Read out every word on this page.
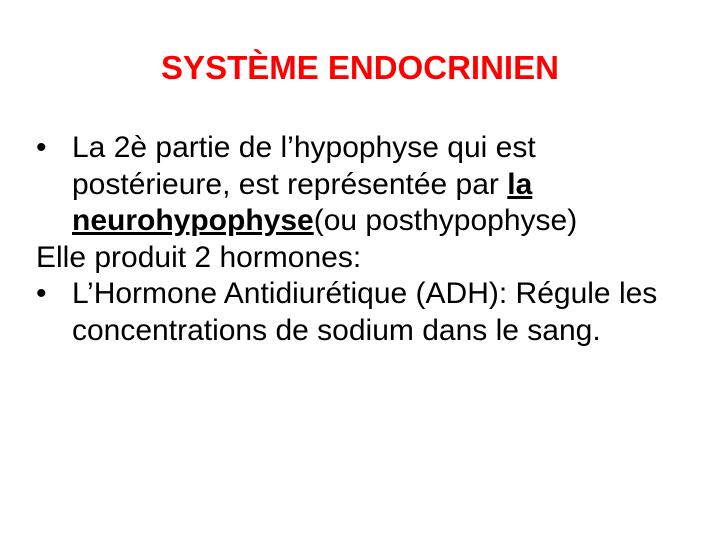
SYSTÈME ENDOCRINIEN
• La 2è partie de l’hypophyse qui est postérieure, est représentée par la neurohypophyse(ou posthypophyse)
Elle produit 2 hormones:
• L’Hormone Antidiurétique (ADH): Régule les concentrations de sodium dans le sang.
